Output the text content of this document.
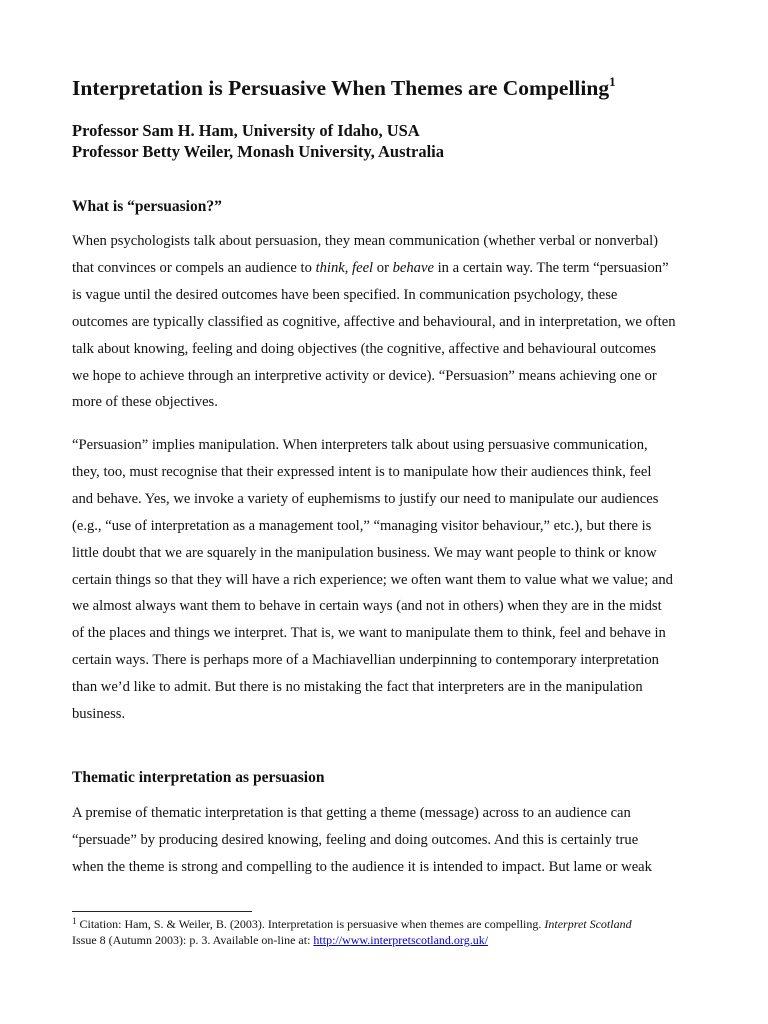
Interpretation is Persuasive When Themes are Compelling$^1$
Professor Sam H. Ham, University of Idaho, USA
Professor Betty Weiler, Monash University, Australia
What is “persuasion?”
When psychologists talk about persuasion, they mean communication (whether verbal or nonverbal)
that convinces or compels an audience to think, feel or behave in a certain way. The term “persuasion”
is vague until the desired outcomes have been specified. In communication psychology, these
outcomes are typically classified as cognitive, affective and behavioural, and in interpretation, we often
talk about knowing, feeling and doing objectives (the cognitive, affective and behavioural outcomes
we hope to achieve through an interpretive activity or device). “Persuasion” means achieving one or
more of these objectives.
“Persuasion” implies manipulation. When interpreters talk about using persuasive communication,
they, too, must recognise that their expressed intent is to manipulate how their audiences think, feel
and behave. Yes, we invoke a variety of euphemisms to justify our need to manipulate our audiences
(e.g., “use of interpretation as a management tool,” “managing visitor behaviour,” etc.), but there is
little doubt that we are squarely in the manipulation business. We may want people to think or know
certain things so that they will have a rich experience; we often want them to value what we value; and
we almost always want them to behave in certain ways (and not in others) when they are in the midst
of the places and things we interpret. That is, we want to manipulate them to think, feel and behave in
certain ways. There is perhaps more of a Machiavellian underpinning to contemporary interpretation
than we’d like to admit. But there is no mistaking the fact that interpreters are in the manipulation
business.
Thematic interpretation as persuasion
A premise of thematic interpretation is that getting a theme (message) across to an audience can
“persuade” by producing desired knowing, feeling and doing outcomes. And this is certainly true
when the theme is strong and compelling to the audience it is intended to impact. But lame or weak
$^1$ Citation: Ham, S. & Weiler, B. (2003). Interpretation is persuasive when themes are compelling. Interpret Scotland
Issue 8 (Autumn 2003): p. 3. Available on-line at: http://www.interpretscotland.org.uk/
